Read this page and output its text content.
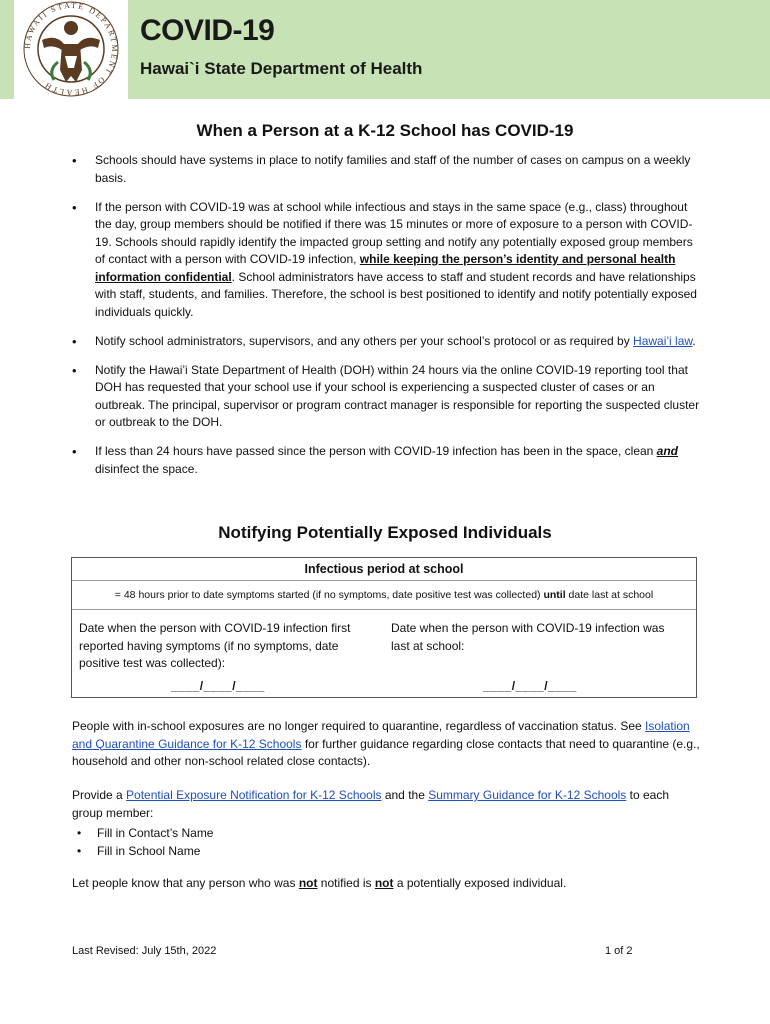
HAWAII STATE DEPARTMENT OF HEALTH
COVID-19
Hawai`i State Department of Health
When a Person at a K-12 School has COVID-19
• Schools should have systems in place to notify families and staff of the number of cases on campus on a weekly basis.
• If the person with COVID-19 was at school while infectious and stays in the same space (e.g., class) throughout the day, group members should be notified if there was 15 minutes or more of exposure to a person with COVID-19. Schools should rapidly identify the impacted group setting and notify any potentially exposed group members of contact with a person with COVID-19 infection, while keeping the person’s identity and personal health information confidential. School administrators have access to staff and student records and have relationships with staff, students, and families. Therefore, the school is best positioned to identify and notify potentially exposed individuals quickly.
• Notify school administrators, supervisors, and any others per your school’s protocol or as required by Hawai’i law.
• Notify the Hawai’i State Department of Health (DOH) within 24 hours via the online COVID-19 reporting tool that DOH has requested that your school use if your school is experiencing a suspected cluster of cases or an outbreak. The principal, supervisor or program contract manager is responsible for reporting the suspected cluster or outbreak to the DOH.
• If less than 24 hours have passed since the person with COVID-19 infection has been in the space, clean and disinfect the space.
Notifying Potentially Exposed Individuals
Infectious period at school
= 48 hours prior to date symptoms started (if no symptoms, date positive test was collected) until date last at school
Date when the person with COVID-19 infection first reported having symptoms (if no symptoms, date positive test was collected):
Date when the person with COVID-19 infection was last at school:
____/____/____	____/____/____
People with in-school exposures are no longer required to quarantine, regardless of vaccination status. See Isolation and Quarantine Guidance for K-12 Schools for further guidance regarding close contacts that need to quarantine (e.g., household and other non-school related close contacts).
Provide a Potential Exposure Notification for K-12 Schools and the Summary Guidance for K-12 Schools to each group member:
• Fill in Contact’s Name
• Fill in School Name
Let people know that any person who was not notified is not a potentially exposed individual.
Last Revised: July 15th, 2022	1 of 2
